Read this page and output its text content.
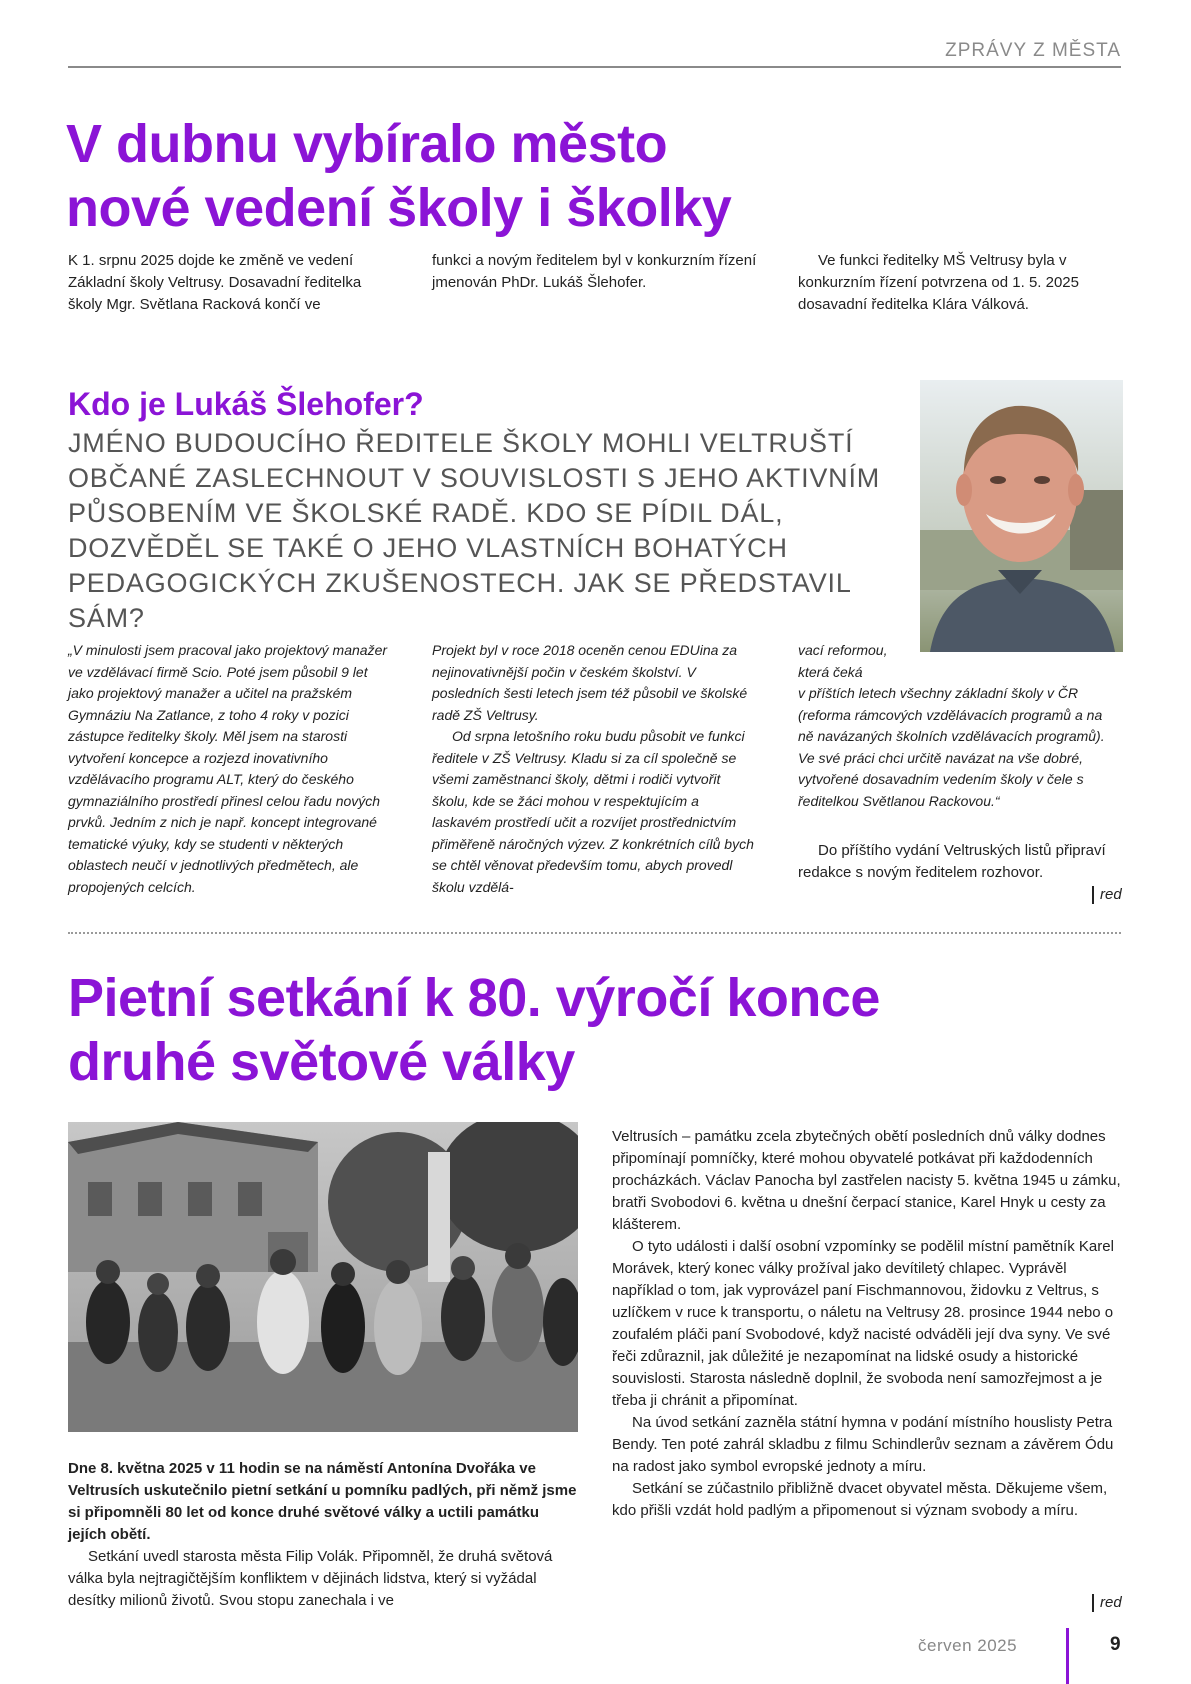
ZPRÁVY Z MĚSTA
V dubnu vybíralo město
nové vedení školy i školky
K 1. srpnu 2025 dojde ke změně ve vedení Základní školy Veltrusy. Dosavadní ředitelka školy Mgr. Světlana Racková končí ve
funkci a novým ředitelem byl v konkurzním řízení jmenován PhDr. Lukáš Šlehofer.

Ve funkci ředitelky MŠ Veltrusy byla v konkurzním řízení potvrzena od 1. 5. 2025 dosavadní ředitelka Klára Válková.

Kdo je Lukáš Šlehofer?
JMÉNO BUDOUCÍHO ŘEDITELE ŠKOLY MOHLI VELTRUŠTÍ OBČANÉ ZASLECHNOUT V SOUVISLOSTI S JEHO AKTIVNÍM PŮSOBENÍM VE ŠKOLSKÉ RADĚ. KDO SE PÍDIL DÁL, DOZVĚDĚL SE TAKÉ O JEHO VLASTNÍCH BOHATÝCH PEDAGOGICKÝCH ZKUŠENOSTECH. JAK SE PŘEDSTAVIL SÁM?
„V minulosti jsem pracoval jako projektový manažer ve vzdělávací firmě Scio. Poté jsem působil 9 let jako projektový manažer a učitel na pražském Gymnáziu Na Zatlance, z toho 4 roky v pozici zástupce ředitelky školy. Měl jsem na starosti vytvoření koncepce a rozjezd inovativního vzdělávacího programu ALT, který do českého gymnaziálního prostředí přinesl celou řadu nových prvků. Jedním z nich je např. koncept integrované tematické výuky, kdy se studenti v některých oblastech neučí v jednotlivých předmětech, ale propojených celcích.

Projekt byl v roce 2018 oceněn cenou EDUina za nejinovativnější počin v českém školství. V posledních šesti letech jsem též působil ve školské radě ZŠ Veltrusy.

Od srpna letošního roku budu působit ve funkci ředitele v ZŠ Veltrusy. Kladu si za cíl společně se všemi zaměstnanci školy, dětmi i rodiči vytvořit školu, kde se žáci mohou v respektujícím a laskavém prostředí učit a rozvíjet prostřednictvím přiměřeně náročných výzev. Z konkrétních cílů bych se chtěl věnovat především tomu, abych provedl školu vzdělá-

vací reformou, která čeká

v příštích letech všechny základní školy v ČR (reforma rámcových vzdělávacích programů a na ně navázaných školních vzdělávacích programů). Ve své práci chci určitě navázat na vše dobré, vytvořené dosavadním vedením školy v čele s ředitelkou Světlanou Rackovou.“

Do příštího vydání Veltruských listů připraví redakce s novým ředitelem rozhovor.

red
Pietní setkání k 80. výročí konce
druhé světové války
Dne 8. května 2025 v 11 hodin se na náměstí Antonína Dvořáka ve Veltrusích uskutečnilo pietní setkání u pomníku padlých, při němž jsme si připomněli 80 let od konce druhé světové války a uctili památku jejích obětí.

Setkání uvedl starosta města Filip Volák. Připomněl, že druhá světová válka byla nejtragičtějším konfliktem v dějinách lidstva, který si vyžádal desítky milionů životů. Svou stopu zanechala i ve

Veltrusích – památku zcela zbytečných obětí posledních dnů války dodnes připomínají pomníčky, které mohou obyvatelé potkávat při každodenních procházkách. Václav Panocha byl zastřelen nacisty 5. května 1945 u zámku, bratři Svobodovi 6. května u dnešní čerpací stanice, Karel Hnyk u cesty za klášterem.

O tyto události i další osobní vzpomínky se podělil místní pamětník Karel Morávek, který konec války prožíval jako devítiletý chlapec. Vyprávěl například o tom, jak vyprovázel paní Fischmannovou, židovku z Veltrus, s uzlíčkem v ruce k transportu, o náletu na Veltrusy 28. prosince 1944 nebo o zoufalém pláči paní Svobodové, když nacisté odváděli její dva syny. Ve své řeči zdůraznil, jak důležité je nezapomínat na lidské osudy a historické souvislosti. Starosta následně doplnil, že svoboda není samozřejmost a je třeba ji chránit a připomínat.

Na úvod setkání zazněla státní hymna v podání místního houslisty Petra Bendy. Ten poté zahrál skladbu z filmu Schindlerův seznam a závěrem Ódu na radost jako symbol evropské jednoty a míru.

Setkání se zúčastnilo přibližně dvacet obyvatel města. Děkujeme všem, kdo přišli vzdát hold padlým a připomenout si význam svobody a míru.

red
červen 2025	9
